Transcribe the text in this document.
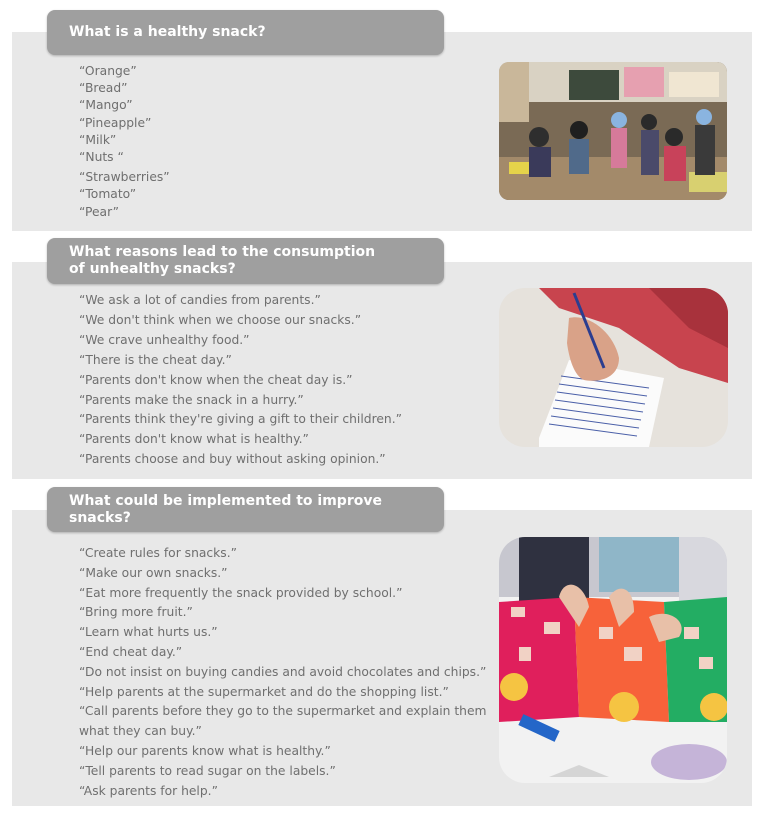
What is a healthy snack?
“Orange”
“Bread”
“Mango”
“Pineapple”
“Milk”
“Nuts “
“Strawberries”
“Tomato”
“Pear”
What reasons lead to the consumption of unhealthy snacks?
“We ask a lot of candies from parents.”
“We don't think when we choose our snacks.”
“We crave unhealthy food.”
“There is the cheat day.”
“Parents don't know when the cheat day is.”
“Parents make the snack in a hurry.”
“Parents think they're giving a gift to their children.”
“Parents don't know what is healthy.”
“Parents choose and buy without asking opinion.”
What could be implemented to improve snacks?
“Create rules for snacks.”
“Make our own snacks.”
“Eat more frequently the snack provided by school.”
“Bring more fruit.”
“Learn what hurts us.”
“End cheat day.”
“Do not insist on buying candies and avoid chocolates and chips.”
“Help parents at the supermarket and do the shopping list.”
“Call parents before they go to the supermarket and explain them what they can buy.”
“Help our parents know what is healthy.”
“Tell parents to read sugar on the labels.”
“Ask parents for help.”
